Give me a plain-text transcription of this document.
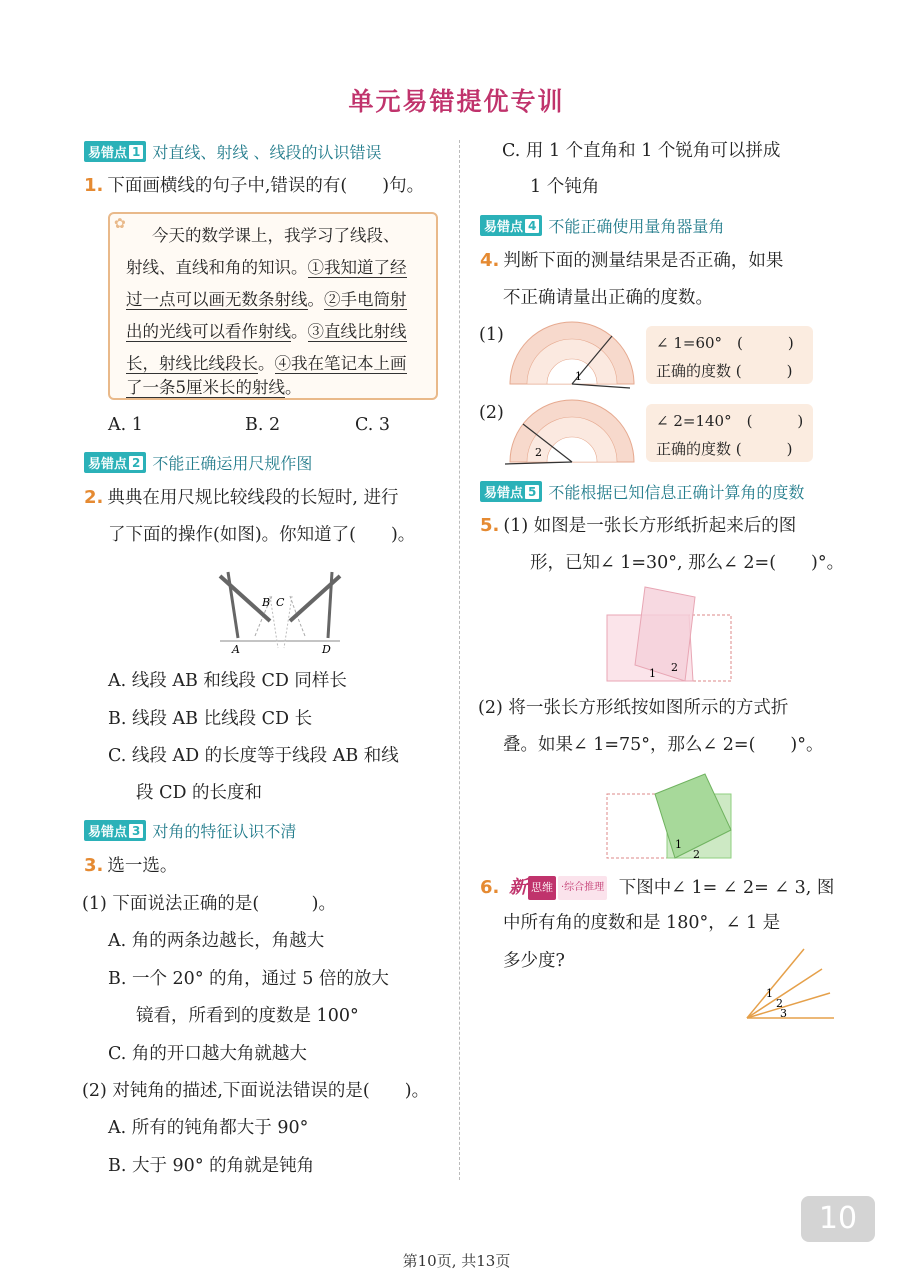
单元易错提优专训
易错点 1 对直线、射线 、线段的认识错误
1. 下面画横线的句子中,错误的有(　　)句。
✿
今天的数学课上，我学习了线段、
射线、直线和角的知识。①我知道了经
过一点可以画无数条射线。②手电筒射
出的光线可以看作射线。③直线比射线
长，射线比线段长。④我在笔记本上画
了一条5厘米长的射线。
A. 1	B. 2	C. 3
易错点 2 不能正确运用尺规作图
2. 典典在用尺规比较线段的长短时, 进行
了下面的操作(如图)。你知道了(　　)。
A
B C
D
A. 线段 AB 和线段 CD 同样长
B. 线段 AB 比线段 CD 长
C. 线段 AD 的长度等于线段 AB 和线
段 CD 的长度和
易错点 3 对角的特征认识不清
3. 选一选。
(1) 下面说法正确的是(　　　)。
A. 角的两条边越长，角越大
B. 一个 20° 的角，通过 5 倍的放大
镜看，所看到的度数是 100°
C. 角的开口越大角就越大
(2) 对钝角的描述,下面说法错误的是(　　)。
A. 所有的钝角都大于 90°
B. 大于 90° 的角就是钝角
C. 用 1 个直角和 1 个锐角可以拼成
1 个钝角
易错点 4 不能正确使用量角器量角
4. 判断下面的测量结果是否正确，如果
不正确请量出正确的度数。
(1)
1
∠ 1=60°　(　　　)
正确的度数 (　　　)
(2)
2
∠ 2=140°　(　　　)
正确的度数 (　　　)
易错点 5 不能根据已知信息正确计算角的度数
5. (1) 如图是一张长方形纸折起来后的图
形，已知∠ 1=30°, 那么∠ 2=(　　)°。
1 2
(2) 将一张长方形纸按如图所示的方式折
叠。如果∠ 1=75°，那么∠ 2=(　　)°。
1
2
6. 新 思维 ·综合推理 下图中∠ 1= ∠ 2= ∠ 3, 图
中所有角的度数和是 180°，∠ 1 是
多少度?
1
2
3
10
第10页, 共13页
